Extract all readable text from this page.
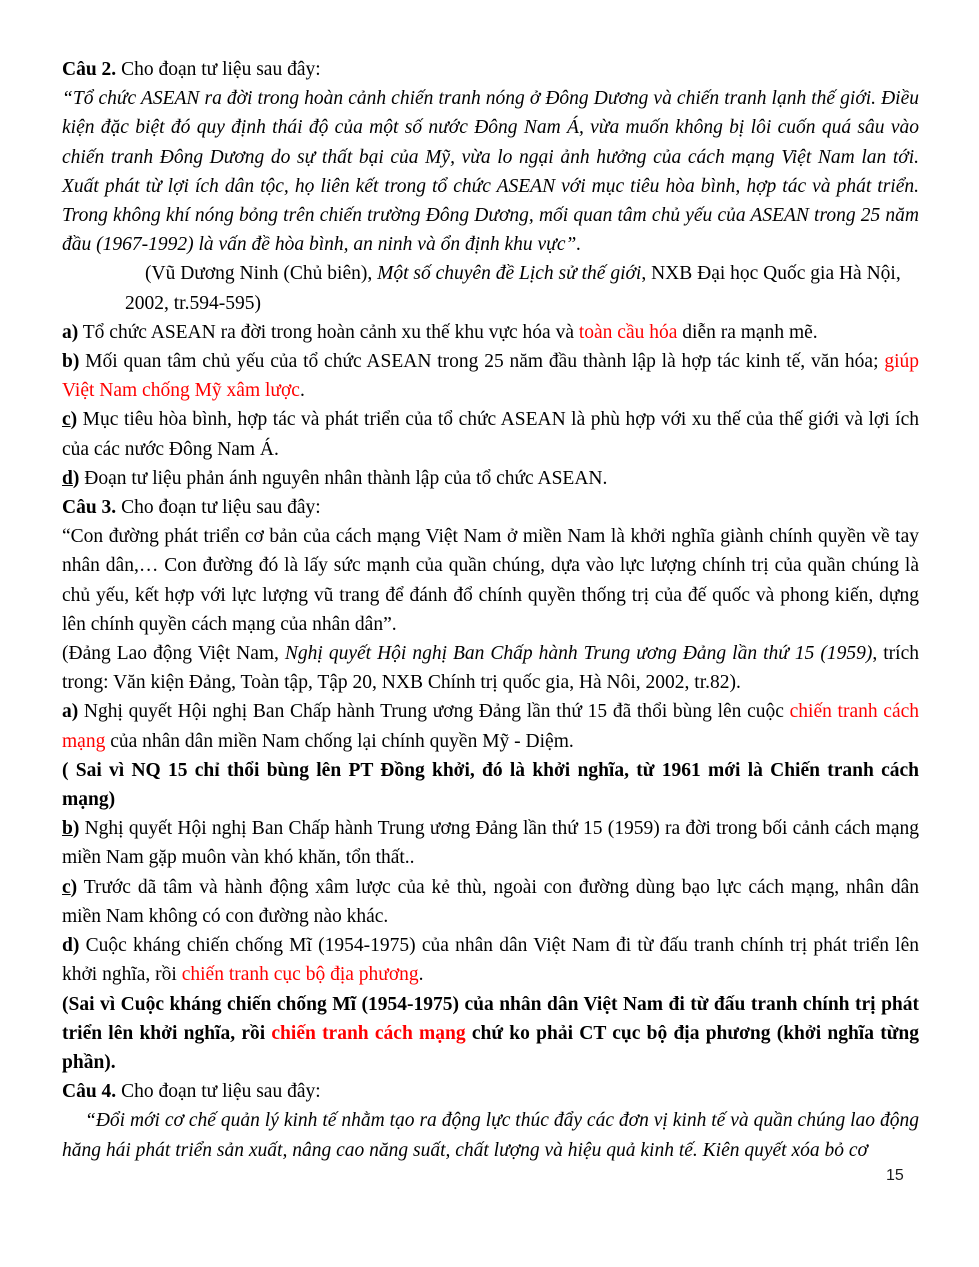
Câu 2. Cho đoạn tư liệu sau đây:

“Tổ chức ASEAN ra đời trong hoàn cảnh chiến tranh nóng ở Đông Dương và chiến tranh lạnh thế giới. Điều kiện đặc biệt đó quy định thái độ của một số nước Đông Nam Á, vừa muốn không bị lôi cuốn quá sâu vào chiến tranh Đông Dương do sự thất bại của Mỹ, vừa lo ngại ảnh hưởng của cách mạng Việt Nam lan tới. Xuất phát từ lợi ích dân tộc, họ liên kết trong tổ chức ASEAN với mục tiêu hòa bình, hợp tác và phát triển. Trong không khí nóng bỏng trên chiến trường Đông Dương, mối quan tâm chủ yếu của ASEAN trong 25 năm đầu (1967-1992) là vấn đề hòa bình, an ninh và ổn định khu vực”.

(Vũ Dương Ninh (Chủ biên), Một số chuyên đề Lịch sử thế giới, NXB Đại học Quốc gia Hà Nội, 2002, tr.594-595)

a) Tổ chức ASEAN ra đời trong hoàn cảnh xu thế khu vực hóa và toàn cầu hóa diễn ra mạnh mẽ.

b) Mối quan tâm chủ yếu của tổ chức ASEAN trong 25 năm đầu thành lập là hợp tác kinh tế, văn hóa; giúp Việt Nam chống Mỹ xâm lược.

c) Mục tiêu hòa bình, hợp tác và phát triển của tổ chức ASEAN là phù hợp với xu thế của thế giới và lợi ích của các nước Đông Nam Á.

d) Đoạn tư liệu phản ánh nguyên nhân thành lập của tổ chức ASEAN.

Câu 3. Cho đoạn tư liệu sau đây:

“Con đường phát triển cơ bản của cách mạng Việt Nam ở miền Nam là khởi nghĩa giành chính quyền về tay nhân dân,… Con đường đó là lấy sức mạnh của quần chúng, dựa vào lực lượng chính trị của quần chúng là chủ yếu, kết hợp với lực lượng vũ trang để đánh đổ chính quyền thống trị của đế quốc và phong kiến, dựng lên chính quyền cách mạng của nhân dân”.

(Đảng Lao động Việt Nam, Nghị quyết Hội nghị Ban Chấp hành Trung ương Đảng lần thứ 15 (1959), trích trong: Văn kiện Đảng, Toàn tập, Tập 20, NXB Chính trị quốc gia, Hà Nôi, 2002, tr.82).

a) Nghị quyết Hội nghị Ban Chấp hành Trung ương Đảng lần thứ 15 đã thổi bùng lên cuộc chiến tranh cách mạng của nhân dân miền Nam chống lại chính quyền Mỹ - Diệm.

( Sai vì NQ 15 chỉ thổi bùng lên PT Đồng khởi, đó là khởi nghĩa, từ 1961 mới là Chiến tranh cách mạng)

b) Nghị quyết Hội nghị Ban Chấp hành Trung ương Đảng lần thứ 15 (1959) ra đời trong bối cảnh cách mạng miền Nam gặp muôn vàn khó khăn, tổn thất..

c) Trước dã tâm và hành động xâm lược của kẻ thù, ngoài con đường dùng bạo lực cách mạng, nhân dân miền Nam không có con đường nào khác.

d) Cuộc kháng chiến chống Mĩ (1954-1975) của nhân dân Việt Nam đi từ đấu tranh chính trị phát triển lên khởi nghĩa, rồi chiến tranh cục bộ địa phương.

(Sai vì Cuộc kháng chiến chống Mĩ (1954-1975) của nhân dân Việt Nam đi từ đấu tranh chính trị phát triển lên khởi nghĩa, rồi chiến tranh cách mạng chứ ko phải CT cục bộ địa phương (khởi nghĩa từng phần).

Câu 4. Cho đoạn tư liệu sau đây:

“Đổi mới cơ chế quản lý kinh tế nhằm tạo ra động lực thúc đẩy các đơn vị kinh tế và quần chúng lao động hăng hái phát triển sản xuất, nâng cao năng suất, chất lượng và hiệu quả kinh tế. Kiên quyết xóa bỏ cơ

15
